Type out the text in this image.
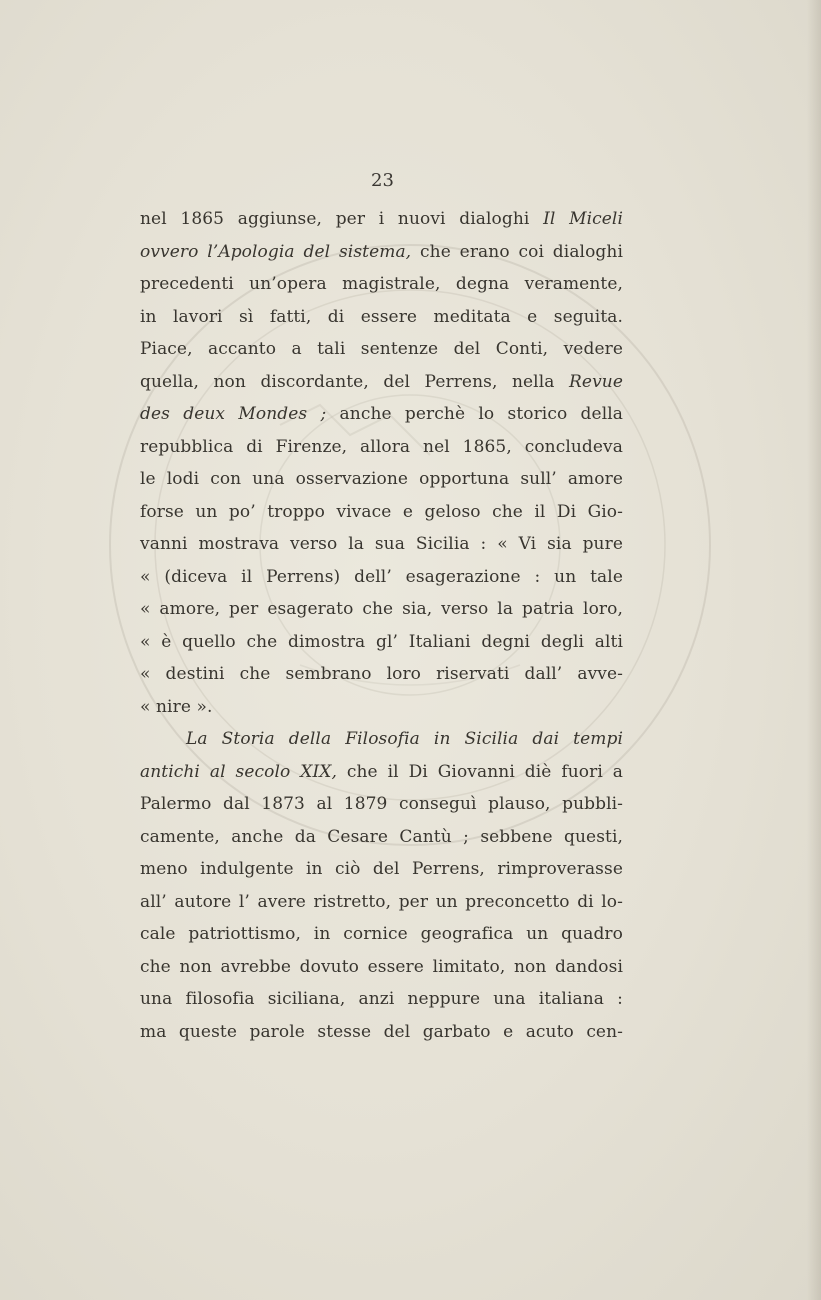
23
nel 1865 aggiunse, per i nuovi dialoghi Il Miceli
ovvero l’Apologia del sistema, che erano coi dialoghi
precedenti un’opera magistrale, degna veramente,
in lavori sì fatti, di essere meditata e seguita.
Piace, accanto a tali sentenze del Conti, vedere
quella, non discordante, del Perrens, nella Revue
des deux Mondes ; anche perchè lo storico della
repubblica di Firenze, allora nel 1865, concludeva
le lodi con una osservazione opportuna sull’ amore
forse un po’ troppo vivace e geloso che il Di Gio-
vanni mostrava verso la sua Sicilia : « Vi sia pure
« (diceva il Perrens) dell’ esagerazione : un tale
« amore, per esagerato che sia, verso la patria loro,
« è quello che dimostra gl’ Italiani degni degli alti
« destini che sembrano loro riservati dall’ avve-
« nire ».
La Storia della Filosofia in Sicilia dai tempi
antichi al secolo XIX, che il Di Giovanni diè fuori a
Palermo dal 1873 al 1879 conseguì plauso, pubbli-
camente, anche da Cesare Cantù ; sebbene questi,
meno indulgente in ciò del Perrens, rimproverasse
all’ autore l’ avere ristretto, per un preconcetto di lo-
cale patriottismo, in cornice geografica un quadro
che non avrebbe dovuto essere limitato, non dandosi
una filosofia siciliana, anzi neppure una italiana :
ma queste parole stesse del garbato e acuto cen-
